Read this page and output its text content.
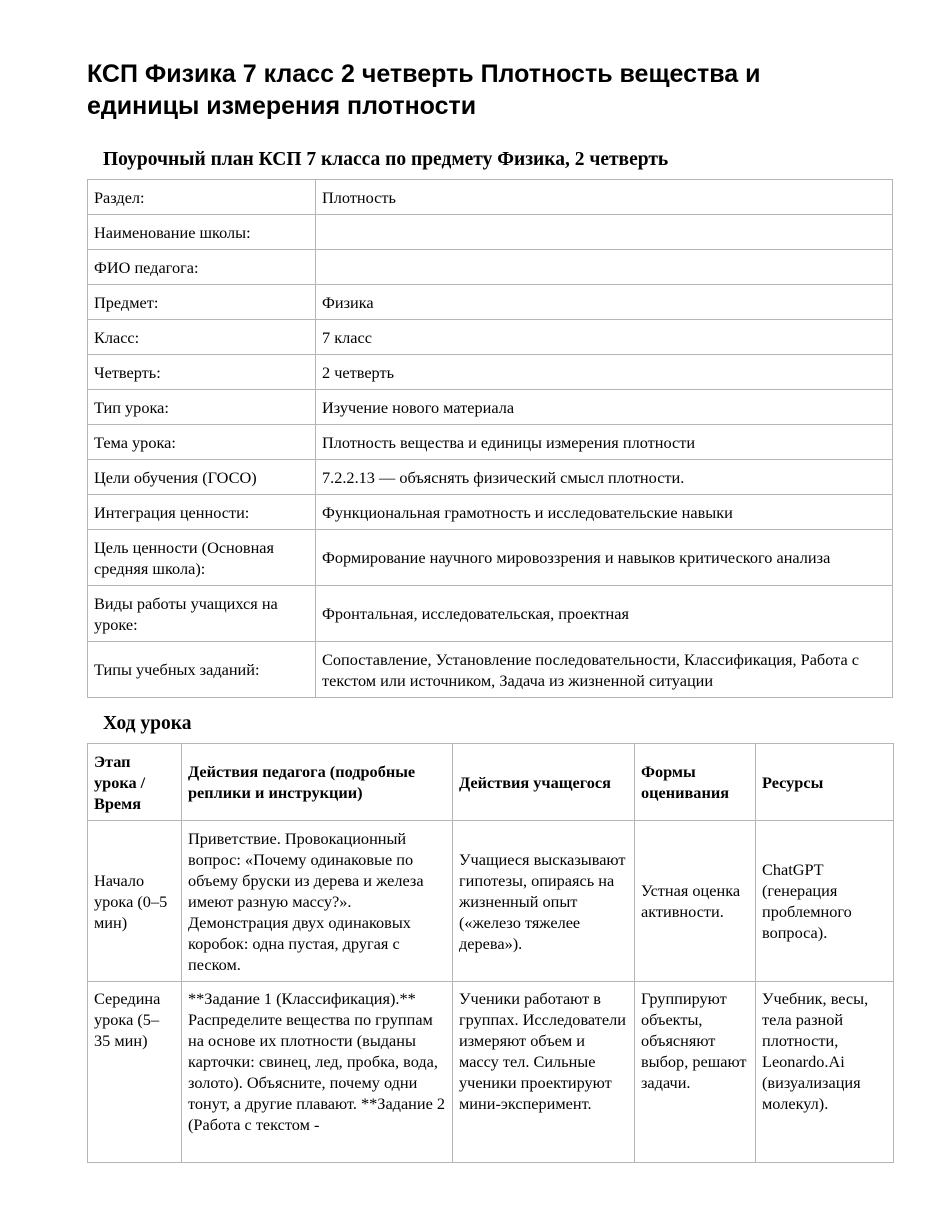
КСП Физика 7 класс 2 четверть Плотность вещества и единицы измерения плотности
Поурочный план КСП 7 класса по предмету Физика, 2 четверть
Раздел:	Плотность
Наименование школы:	
ФИО педагога:	
Предмет:	Физика
Класс:	7 класс
Четверть:	2 четверть
Тип урока:	Изучение нового материала
Тема урока:	Плотность вещества и единицы измерения плотности
Цели обучения (ГОСО)	7.2.2.13 — объяснять физический смысл плотности.
Интеграция ценности:	Функциональная грамотность и исследовательские навыки
Цель ценности (Основная средняя школа):	Формирование научного мировоззрения и навыков критического анализа
Виды работы учащихся на уроке:	Фронтальная, исследовательская, проектная
Типы учебных заданий:	Сопоставление, Установление последовательности, Классификация, Работа с текстом или источником, Задача из жизненной ситуации
Ход урока
Этап урока / Время	Действия педагога (подробные реплики и инструкции)	Действия учащегося	Формы оценивания	Ресурсы
Начало урока (0–5 мин)	Приветствие. Провокационный вопрос: «Почему одинаковые по объему бруски из дерева и железа имеют разную массу?». Демонстрация двух одинаковых коробок: одна пустая, другая с песком.	Учащиеся высказывают гипотезы, опираясь на жизненный опыт («железо тяжелее дерева»).	Устная оценка активности.	ChatGPT (генерация проблемного вопроса).
Середина урока (5–35 мин)	**Задание 1 (Классификация).** Распределите вещества по группам на основе их плотности (выданы карточки: свинец, лед, пробка, вода, золото). Объясните, почему одни тонут, а другие плавают. **Задание 2 (Работа с текстом -	Ученики работают в группах. Исследователи измеряют объем и массу тел. Сильные ученики проектируют мини-эксперимент.	Группируют объекты, объясняют выбор, решают задачи.	Учебник, весы, тела разной плотности, Leonardo.Ai (визуализация молекул).
